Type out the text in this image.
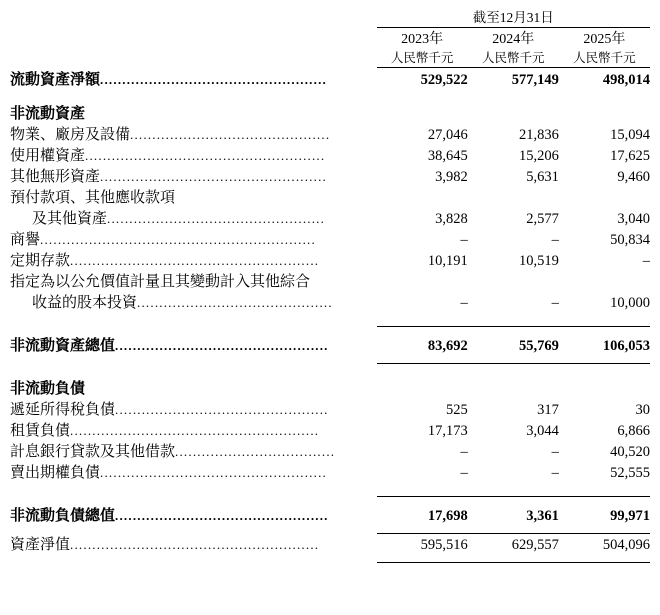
	截至12月31日		

	2023年	2024年	2025年
	人民幣千元	人民幣千元	人民幣千元

流動資產淨額...................................................	529,522	577,149	498,014

非流動資產			
物業、廠房及設備.............................................	27,046	21,836	15,094
使用權資產......................................................	38,645	15,206	17,625
其他無形資產...................................................	3,982	5,631	9,460
預付款項、其他應收款項			
及其他資產.................................................	3,828	2,577	3,040
商譽..............................................................	–	–	50,834
定期存款........................................................	10,191	10,519	–
指定為以公允價值計量且其變動計入其他綜合			
收益的股本投資............................................	–	–	10,000

非流動資產總值................................................	83,692	55,769	106,053

非流動負債			
遞延所得稅負債................................................	525	317	30
租賃負債........................................................	17,173	3,044	6,866
計息銀行貸款及其他借款....................................	–	–	40,520
賣出期權負債...................................................	–	–	52,555

非流動負債總值................................................	17,698	3,361	99,971

資產淨值........................................................	595,516	629,557	504,096
